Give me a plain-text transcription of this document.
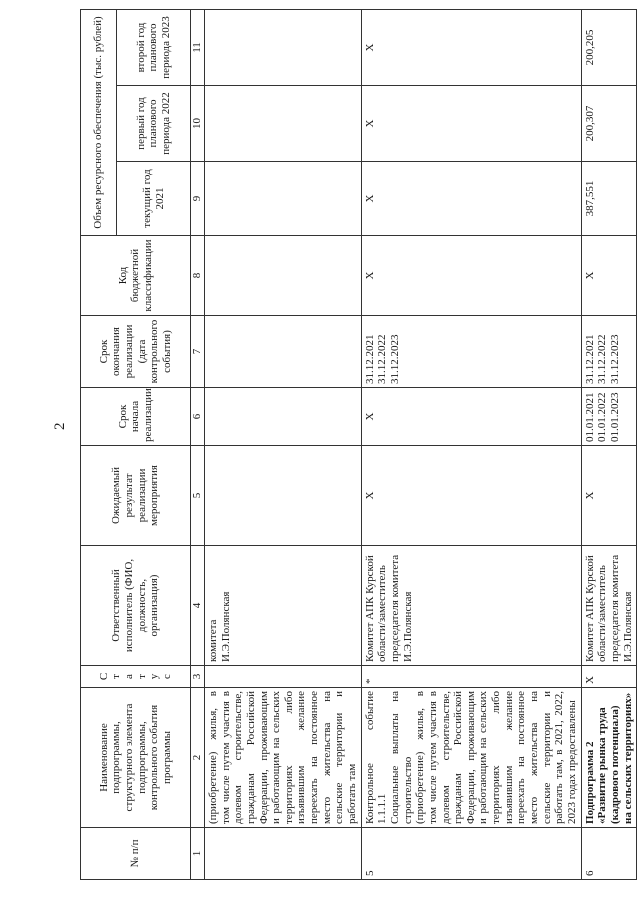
2
№ п/п	Наименование подпрограммы, структурного элемента подпрограммы, контрольного события программы	Статус	Ответственный исполнитель (ФИО, должность, организация)	Ожидаемый результат реализации мероприятия	Срок начала реализации	Срок окончания реализации (дата контрольного события)	Код бюджетной классификации	Объем ресурсного обеспечения (тыс. рублей)		
								текущий год 2021	первый год планового периода 2022	второй год планового периода 2023
1	2	3	4	5	6	7	8	9	10	11
	(приобретение) жилья, в том числе путем участия в долевом строительстве, гражданам Российской Федерации, проживающим и работающим на сельских территориях либо изъявившим желание переехать на постоянное место жительства на сельские территории и работать там		комитета И.Э.Полянская							
5	Контрольное событие 1.1.1.1 Социальные выплаты на строительство (приобретение) жилья, в том числе путем участия в долевом строительстве, гражданам Российской Федерации, проживающим и работающим на сельских территориях либо изъявившим желание переехать на постоянное место жительства на сельские территории и работать там, в 2021, 2022, 2023 годах предоставлены	*	Комитет АПК Курской области/заместитель председателя комитета И.Э.Полянская	X	X	31.12.2021 31.12.2022 31.12.2023	X	X	X	X
6	Подпрограмма 2 «Развитие рынка труда (кадрового потенциала) на сельских территориях»	X	Комитет АПК Курской области/заместитель председателя комитета И.Э.Полянская	X	01.01.2021 01.01.2022 01.01.2023	31.12.2021 31.12.2022 31.12.2023	X	387,551	200,307	200,205
